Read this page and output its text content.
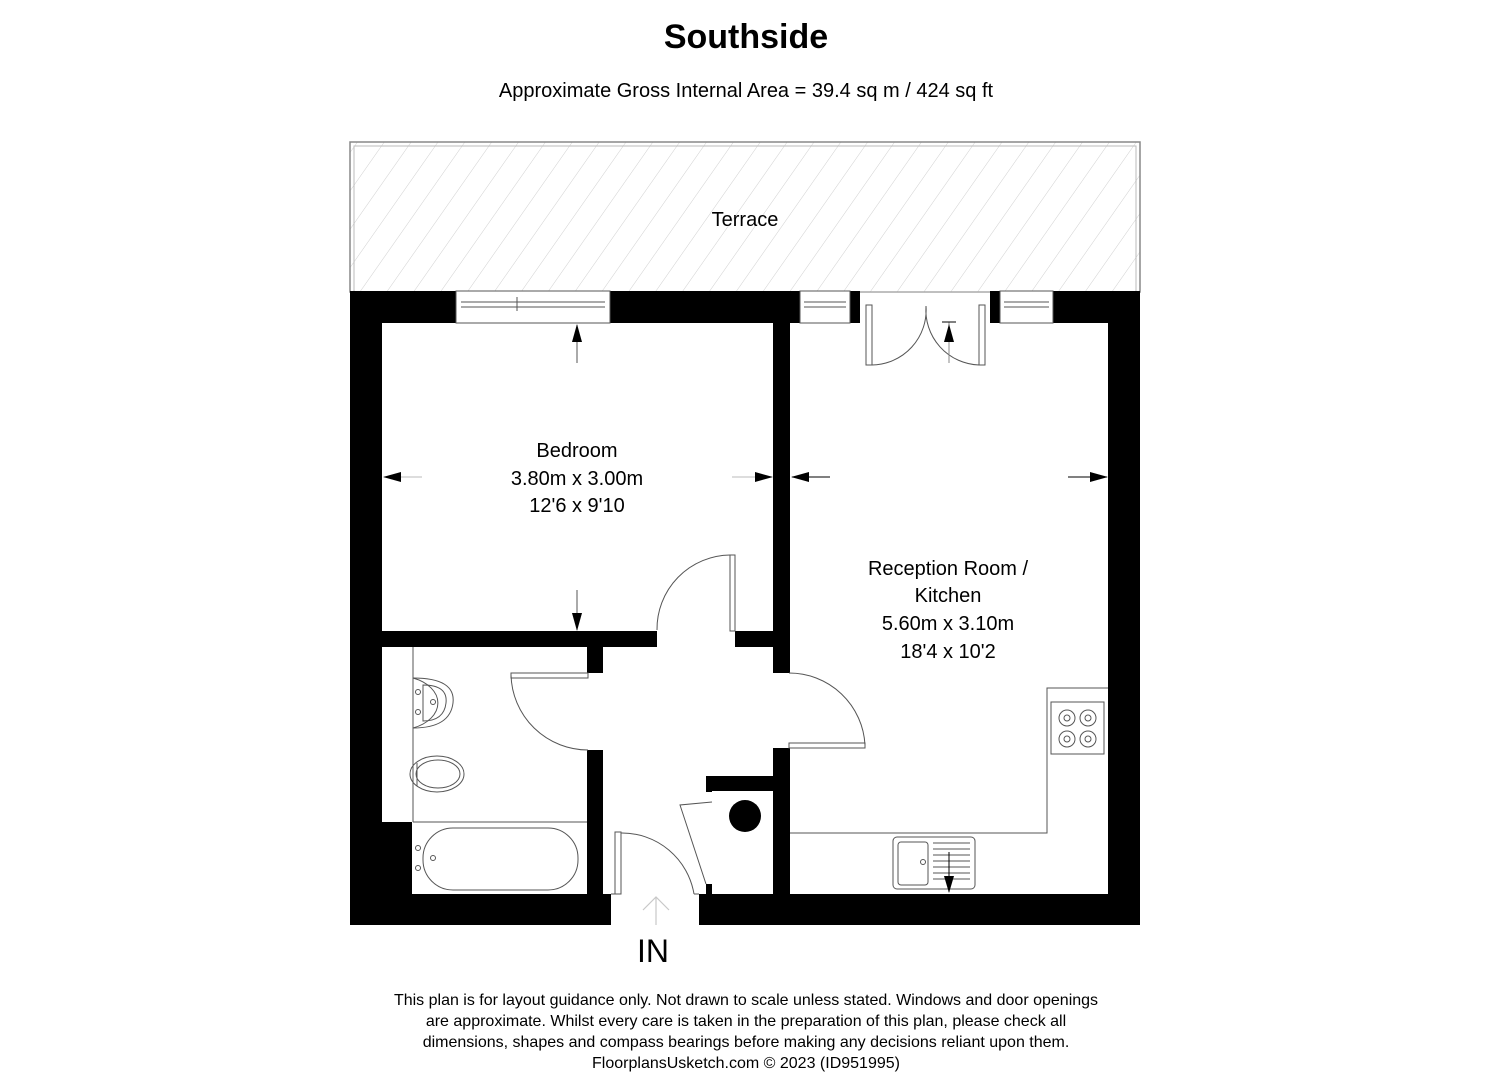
Southside
Approximate Gross Internal Area = 39.4 sq m / 424 sq ft
Terrace
Bedroom
3.80m x 3.00m
12'6 x 9'10
Reception Room /
Kitchen
5.60m x 3.10m
18'4 x 10'2
IN
This plan is for layout guidance only. Not drawn to scale unless stated. Windows and door openings
are approximate. Whilst every care is taken in the preparation of this plan, please check all
dimensions, shapes and compass bearings before making any decisions reliant upon them.
FloorplansUsketch.com © 2023 (ID951995)
